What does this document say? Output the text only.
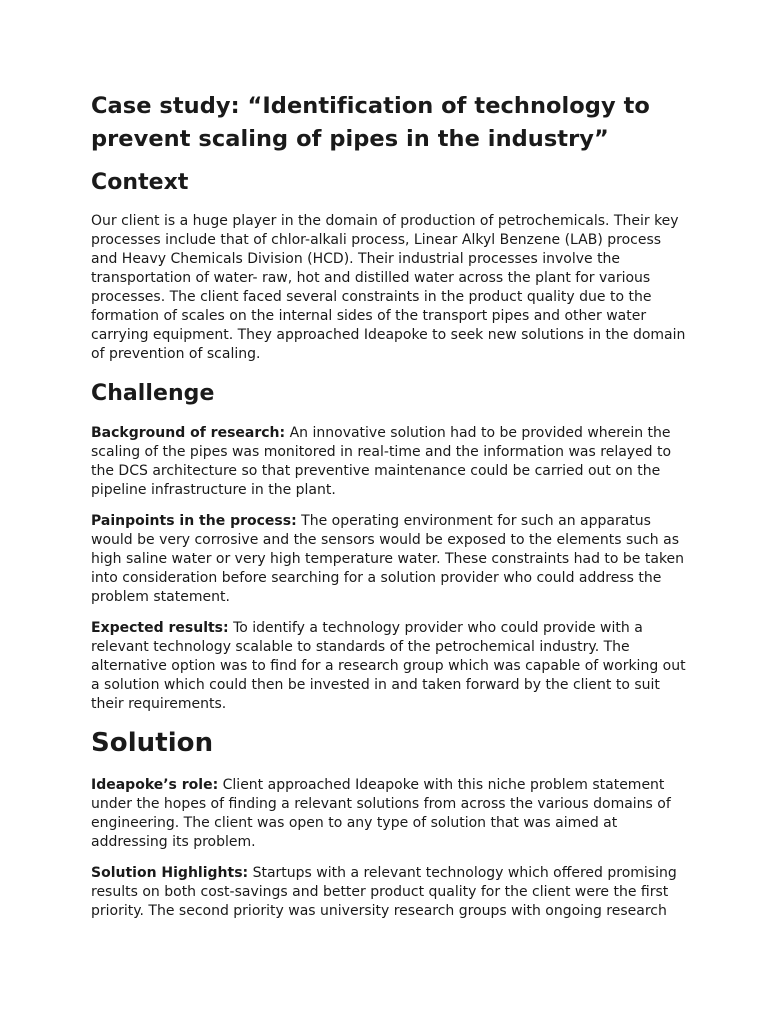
Case study: “Identification of technology to prevent scaling of pipes in the industry”
Context

Our client is a huge player in the domain of production of petrochemicals. Their key processes include that of chlor-alkali process, Linear Alkyl Benzene (LAB) process and Heavy Chemicals Division (HCD). Their industrial processes involve the transportation of water- raw, hot and distilled water across the plant for various processes. The client faced several constraints in the product quality due to the formation of scales on the internal sides of the transport pipes and other water carrying equipment. They approached Ideapoke to seek new solutions in the domain of prevention of scaling.

Challenge

Background of research: An innovative solution had to be provided wherein the scaling of the pipes was monitored in real-time and the information was relayed to the DCS architecture so that preventive maintenance could be carried out on the pipeline infrastructure in the plant.

Painpoints in the process: The operating environment for such an apparatus would be very corrosive and the sensors would be exposed to the elements such as high saline water or very high temperature water. These constraints had to be taken into consideration before searching for a solution provider who could address the problem statement.

Expected results: To identify a technology provider who could provide with a relevant technology scalable to standards of the petrochemical industry. The alternative option was to find for a research group which was capable of working out a solution which could then be invested in and taken forward by the client to suit their requirements.

Solution

Ideapoke’s role: Client approached Ideapoke with this niche problem statement under the hopes of finding a relevant solutions from across the various domains of engineering. The client was open to any type of solution that was aimed at addressing its problem.

Solution Highlights: Startups with a relevant technology which offered promising results on both cost-savings and better product quality for the client were the first priority. The second priority was university research groups with ongoing research
